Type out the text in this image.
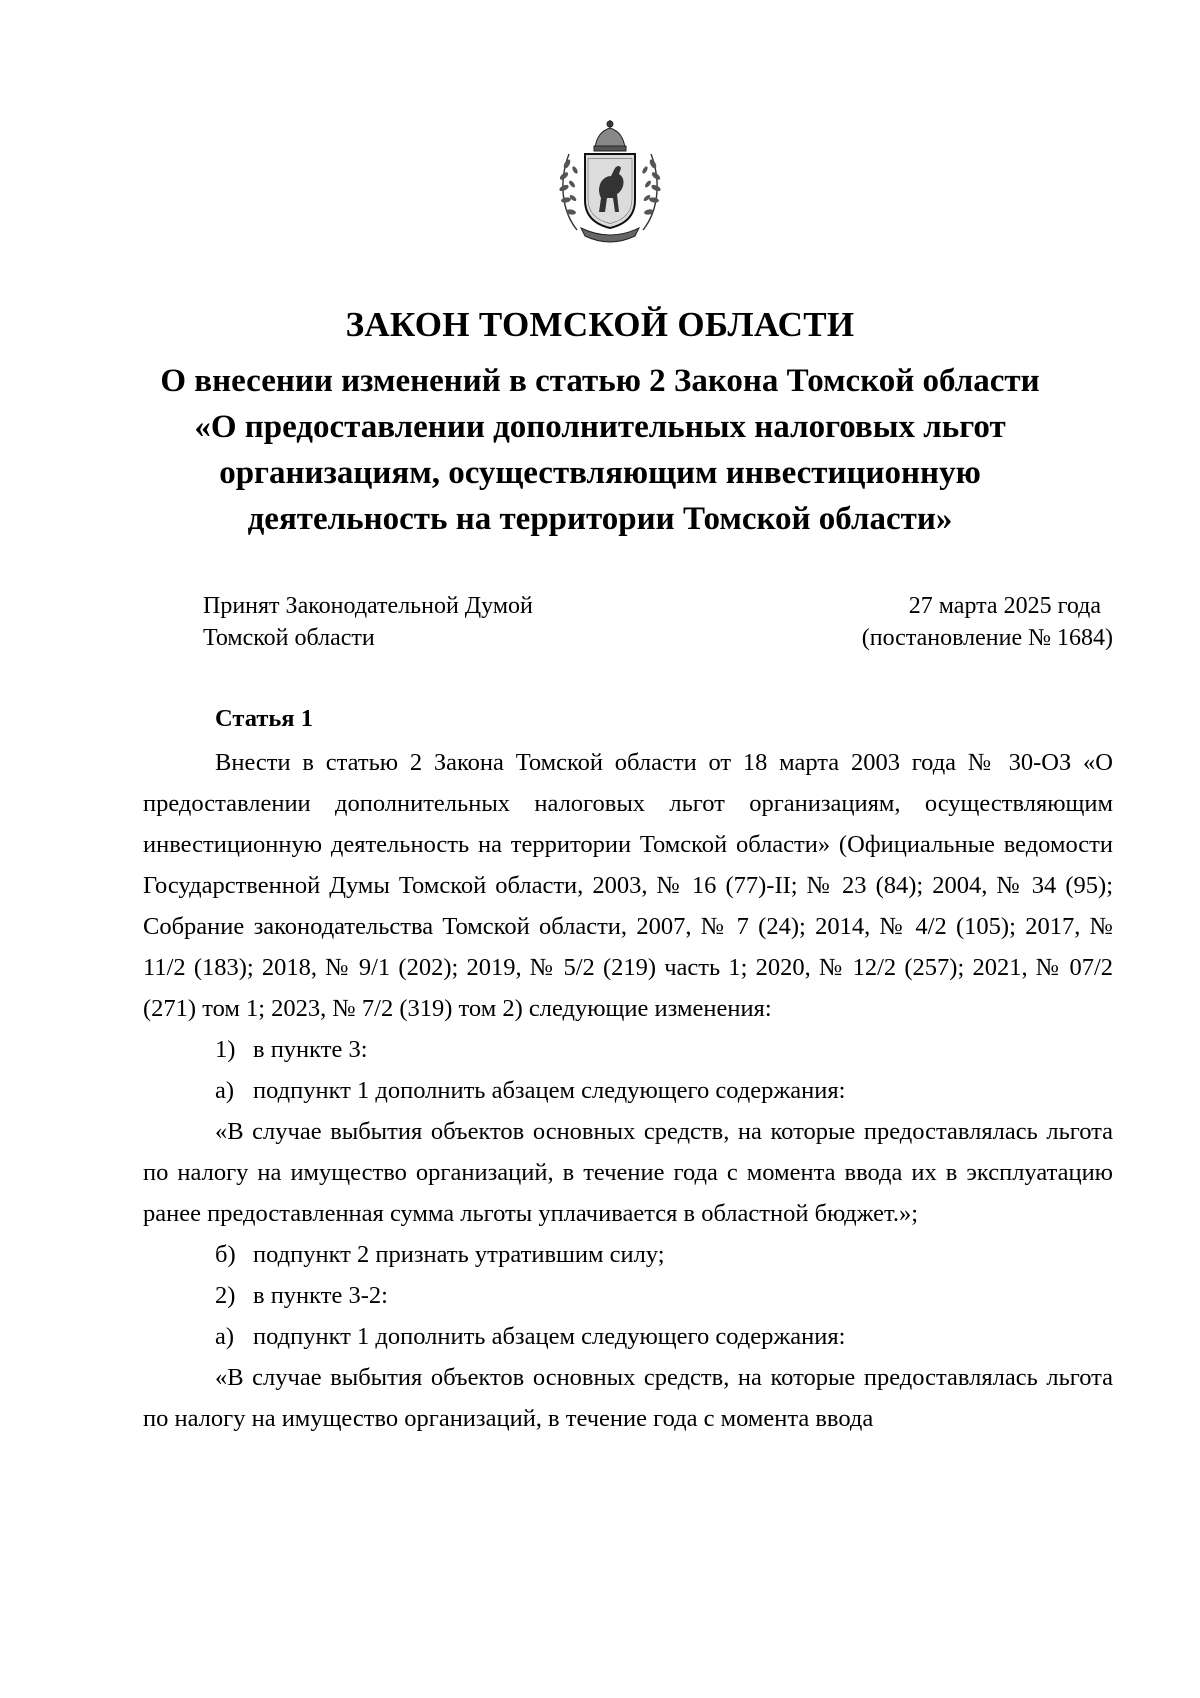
ЗАКОН ТОМСКОЙ ОБЛАСТИ
О внесении изменений в статью 2 Закона Томской области
«О предоставлении дополнительных налоговых льгот
организациям, осуществляющим инвестиционную
деятельность на территории Томской области»
Принят Законодательной Думой
Томской области
27 марта 2025 года
(постановление № 1684)
Статья 1

Внести в статью 2 Закона Томской области от 18 марта 2003 года № 30-ОЗ «О предоставлении дополнительных налоговых льгот организациям, осуществляющим инвестиционную деятельность на территории Томской области» (Официальные ведомости Государственной Думы Томской области, 2003, № 16 (77)-II; № 23 (84); 2004, № 34 (95); Собрание законодательства Томской области, 2007, № 7 (24); 2014, № 4/2 (105); 2017, № 11/2 (183); 2018, № 9/1 (202); 2019, № 5/2 (219) часть 1; 2020, № 12/2 (257); 2021, № 07/2 (271) том 1; 2023, № 7/2 (319) том 2) следующие изменения:

1) в пункте 3:

а) подпункт 1 дополнить абзацем следующего содержания:

«В случае выбытия объектов основных средств, на которые предоставлялась льгота по налогу на имущество организаций, в течение года с момента ввода их в эксплуатацию ранее предоставленная сумма льготы уплачивается в областной бюджет.»;

б) подпункт 2 признать утратившим силу;

2) в пункте 3-2:

а) подпункт 1 дополнить абзацем следующего содержания:

«В случае выбытия объектов основных средств, на которые предоставлялась льгота по налогу на имущество организаций, в течение года с момента ввода
